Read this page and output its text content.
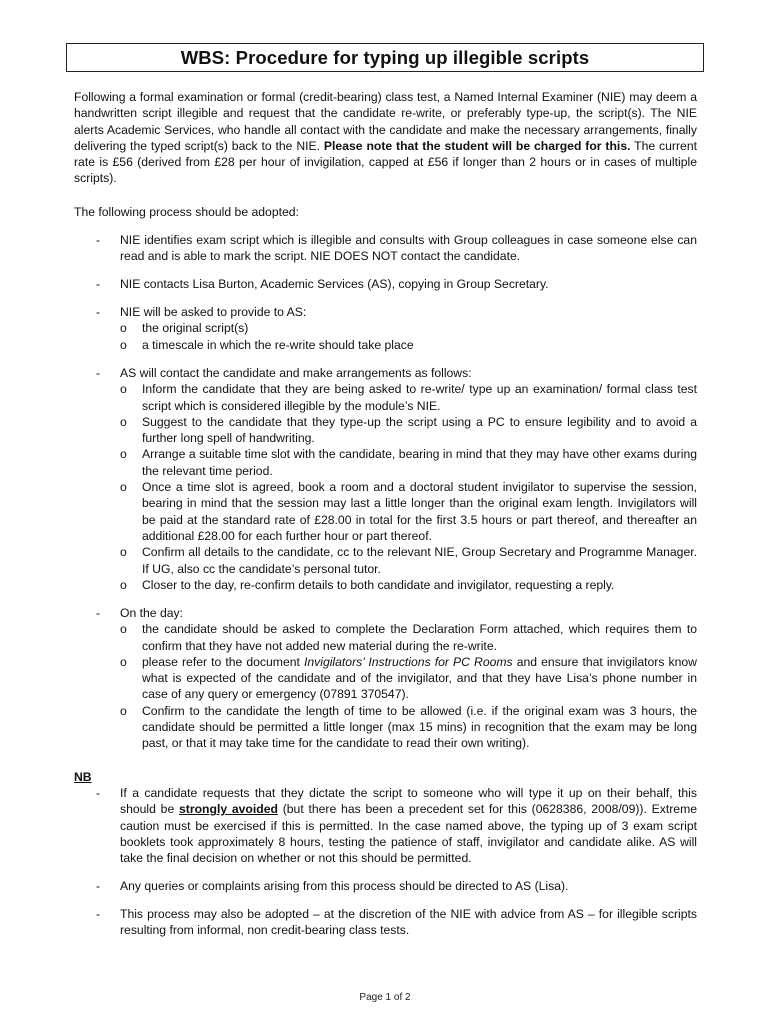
WBS: Procedure for typing up illegible scripts

Following a formal examination or formal (credit-bearing) class test, a Named Internal Examiner (NIE) may deem a handwritten script illegible and request that the candidate re-write, or preferably type-up, the script(s). The NIE alerts Academic Services, who handle all contact with the candidate and make the necessary arrangements, finally delivering the typed script(s) back to the NIE. Please note that the student will be charged for this. The current rate is £56 (derived from £28 per hour of invigilation, capped at £56 if longer than 2 hours or in cases of multiple scripts).

The following process should be adopted:

-	NIE identifies exam script which is illegible and consults with Group colleagues in case someone else can read and is able to mark the script. NIE DOES NOT contact the candidate.
-	NIE contacts Lisa Burton, Academic Services (AS), copying in Group Secretary.
-	NIE will be asked to provide to AS:
o the original script(s)
o a timescale in which the re-write should take place
-	AS will contact the candidate and make arrangements as follows:
o Inform the candidate that they are being asked to re-write/ type up an examination/ formal class test script which is considered illegible by the module’s NIE.
o Suggest to the candidate that they type-up the script using a PC to ensure legibility and to avoid a further long spell of handwriting.
o Arrange a suitable time slot with the candidate, bearing in mind that they may have other exams during the relevant time period.
o Once a time slot is agreed, book a room and a doctoral student invigilator to supervise the session, bearing in mind that the session may last a little longer than the original exam length. Invigilators will be paid at the standard rate of £28.00 in total for the first 3.5 hours or part thereof, and thereafter an additional £28.00 for each further hour or part thereof.
o Confirm all details to the candidate, cc to the relevant NIE, Group Secretary and Programme Manager. If UG, also cc the candidate’s personal tutor.
o Closer to the day, re-confirm details to both candidate and invigilator, requesting a reply.
-	On the day:
o the candidate should be asked to complete the Declaration Form attached, which requires them to confirm that they have not added new material during the re-write.
o please refer to the document Invigilators’ Instructions for PC Rooms and ensure that invigilators know what is expected of the candidate and of the invigilator, and that they have Lisa’s phone number in case of any query or emergency (07891 370547).
o Confirm to the candidate the length of time to be allowed (i.e. if the original exam was 3 hours, the candidate should be permitted a little longer (max 15 mins) in recognition that the exam may be long past, or that it may take time for the candidate to read their own writing).
NB
-	If a candidate requests that they dictate the script to someone who will type it up on their behalf, this should be strongly avoided (but there has been a precedent set for this (0628386, 2008/09)). Extreme caution must be exercised if this is permitted. In the case named above, the typing up of 3 exam script booklets took approximately 8 hours, testing the patience of staff, invigilator and candidate alike. AS will take the final decision on whether or not this should be permitted.
-	Any queries or complaints arising from this process should be directed to AS (Lisa).
-	This process may also be adopted – at the discretion of the NIE with advice from AS – for illegible scripts resulting from informal, non credit-bearing class tests.
Page 1 of 2
